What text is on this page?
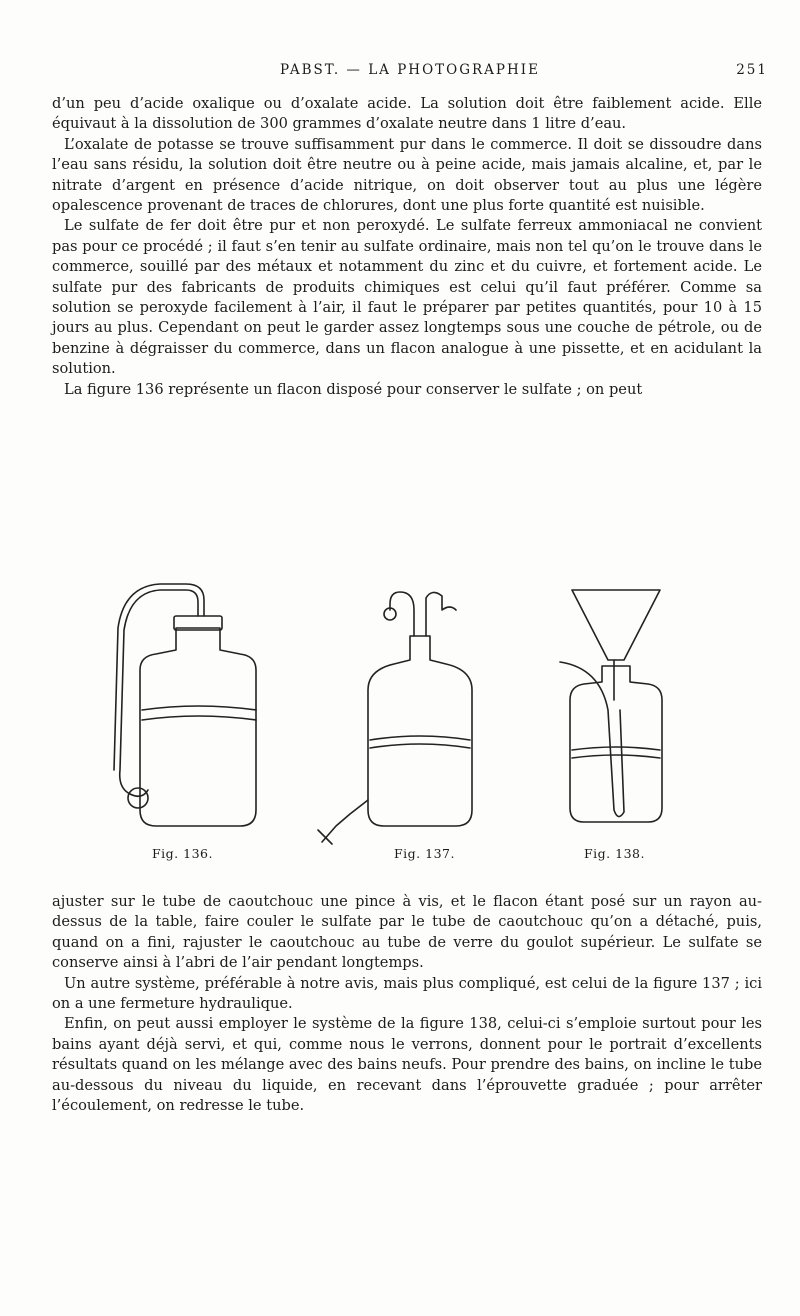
PABST. — LA PHOTOGRAPHIE	251

d’un peu d’acide oxalique ou d’oxalate acide. La solution doit être faiblement acide. Elle équivaut à la dissolution de 300 grammes d’oxalate neutre dans 1 litre d’eau.

L’oxalate de potasse se trouve suffisamment pur dans le commerce. Il doit se dissoudre dans l’eau sans résidu, la solution doit être neutre ou à peine acide, mais jamais alcaline, et, par le nitrate d’argent en présence d’acide nitrique, on doit observer tout au plus une légère opalescence provenant de traces de chlorures, dont une plus forte quantité est nuisible.

Le sulfate de fer doit être pur et non peroxydé. Le sulfate ferreux ammoniacal ne convient pas pour ce procédé ; il faut s’en tenir au sulfate ordinaire, mais non tel qu’on le trouve dans le commerce, souillé par des métaux et notamment du zinc et du cuivre, et fortement acide. Le sulfate pur des fabricants de produits chimiques est celui qu’il faut préférer. Comme sa solution se peroxyde facilement à l’air, il faut le préparer par petites quantités, pour 10 à 15 jours au plus. Cependant on peut le garder assez longtemps sous une couche de pétrole, ou de benzine à dégraisser du commerce, dans un flacon analogue à une pissette, et en acidulant la solution.

La figure 136 représente un flacon disposé pour conserver le sulfate ; on peut

Fig. 136.	Fig. 137.	Fig. 138.

ajuster sur le tube de caoutchouc une pince à vis, et le flacon étant posé sur un rayon au-dessus de la table, faire couler le sulfate par le tube de caoutchouc qu’on a détaché, puis, quand on a fini, rajuster le caoutchouc au tube de verre du goulot supérieur. Le sulfate se conserve ainsi à l’abri de l’air pendant longtemps.

Un autre système, préférable à notre avis, mais plus compliqué, est celui de la figure 137 ; ici on a une fermeture hydraulique.

Enfin, on peut aussi employer le système de la figure 138, celui-ci s’emploie surtout pour les bains ayant déjà servi, et qui, comme nous le verrons, donnent pour le portrait d’excellents résultats quand on les mélange avec des bains neufs. Pour prendre des bains, on incline le tube au-dessous du niveau du liquide, en recevant dans l’éprouvette graduée ; pour arrêter l’écoulement, on redresse le tube.
